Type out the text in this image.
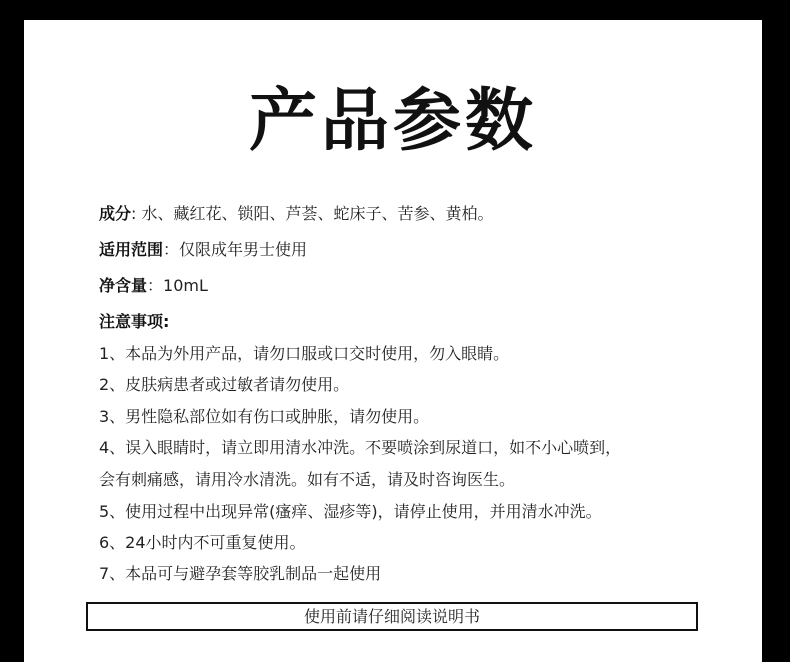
产品参数
成分: 水、藏红花、锁阳、芦荟、蛇床子、苦参、黄柏。
适用范围：仅限成年男士使用
净含量：10mL
注意事项:
1、本品为外用产品，请勿口服或口交时使用，勿入眼睛。
2、皮肤病患者或过敏者请勿使用。
3、男性隐私部位如有伤口或肿胀，请勿使用。
4、误入眼睛时，请立即用清水冲洗。不要喷涂到尿道口，如不小心喷到，
会有刺痛感，请用冷水清洗。如有不适，请及时咨询医生。
5、使用过程中出现异常(瘙痒、湿疹等)，请停止使用，并用清水冲洗。
6、24小时内不可重复使用。
7、本品可与避孕套等胶乳制品一起使用
使用前请仔细阅读说明书
